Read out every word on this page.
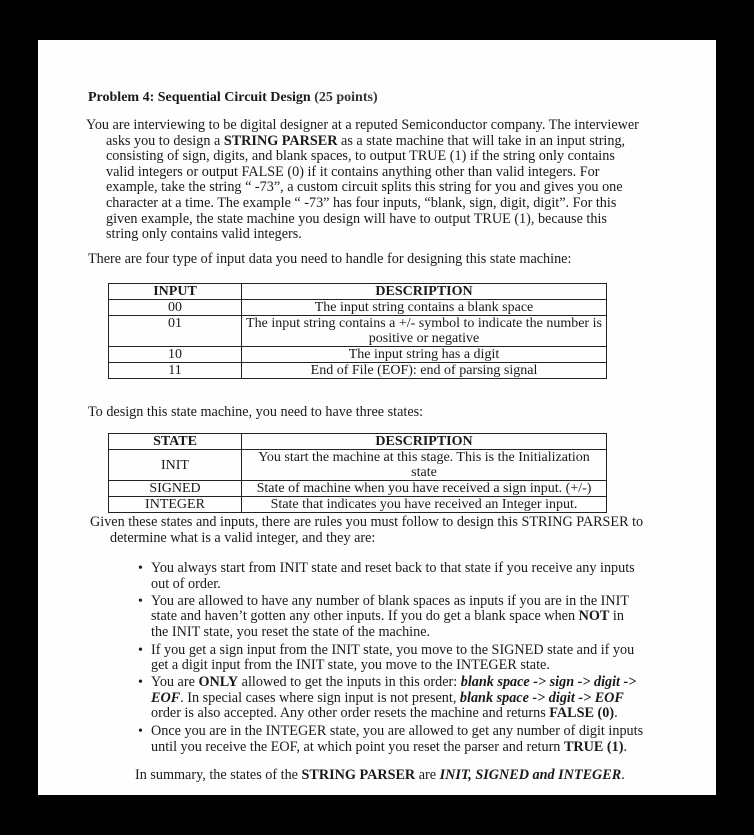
Problem 4: Sequential Circuit Design (25 points)
You are interviewing to be digital designer at a reputed Semiconductor company. The interviewer
asks you to design a STRING PARSER as a state machine that will take in an input string,
consisting of sign, digits, and blank spaces, to output TRUE (1) if the string only contains
valid integers or output FALSE (0) if it contains anything other than valid integers. For
example, take the string “ -73”, a custom circuit splits this string for you and gives you one
character at a time. The example “ -73” has four inputs, “blank, sign, digit, digit”. For this
given example, the state machine you design will have to output TRUE (1), because this
string only contains valid integers.
There are four type of input data you need to handle for designing this state machine:
INPUT	DESCRIPTION
00	The input string contains a blank space
01	The input string contains a +/- symbol to indicate the number is
positive or negative

10	The input string has a digit
11	End of File (EOF): end of parsing signal
To design this state machine, you need to have three states:
STATE	DESCRIPTION
INIT	You start the machine at this stage. This is the Initialization state
SIGNED	State of machine when you have received a sign input. (+/-)
INTEGER	State that indicates you have received an Integer input.
Given these states and inputs, there are rules you must follow to design this STRING PARSER to
determine what is a valid integer, and they are:
• You always start from INIT state and reset back to that state if you receive any inputs
out of order.
• You are allowed to have any number of blank spaces as inputs if you are in the INIT
state and haven’t gotten any other inputs. If you do get a blank space when NOT in
the INIT state, you reset the state of the machine.
• If you get a sign input from the INIT state, you move to the SIGNED state and if you
get a digit input from the INIT state, you move to the INTEGER state.
• You are ONLY allowed to get the inputs in this order: blank space -> sign -> digit ->
EOF. In special cases where sign input is not present, blank space -> digit -> EOF
order is also accepted. Any other order resets the machine and returns FALSE (0).
• Once you are in the INTEGER state, you are allowed to get any number of digit inputs
until you receive the EOF, at which point you reset the parser and return TRUE (1).
In summary, the states of the STRING PARSER are INIT, SIGNED and INTEGER.
